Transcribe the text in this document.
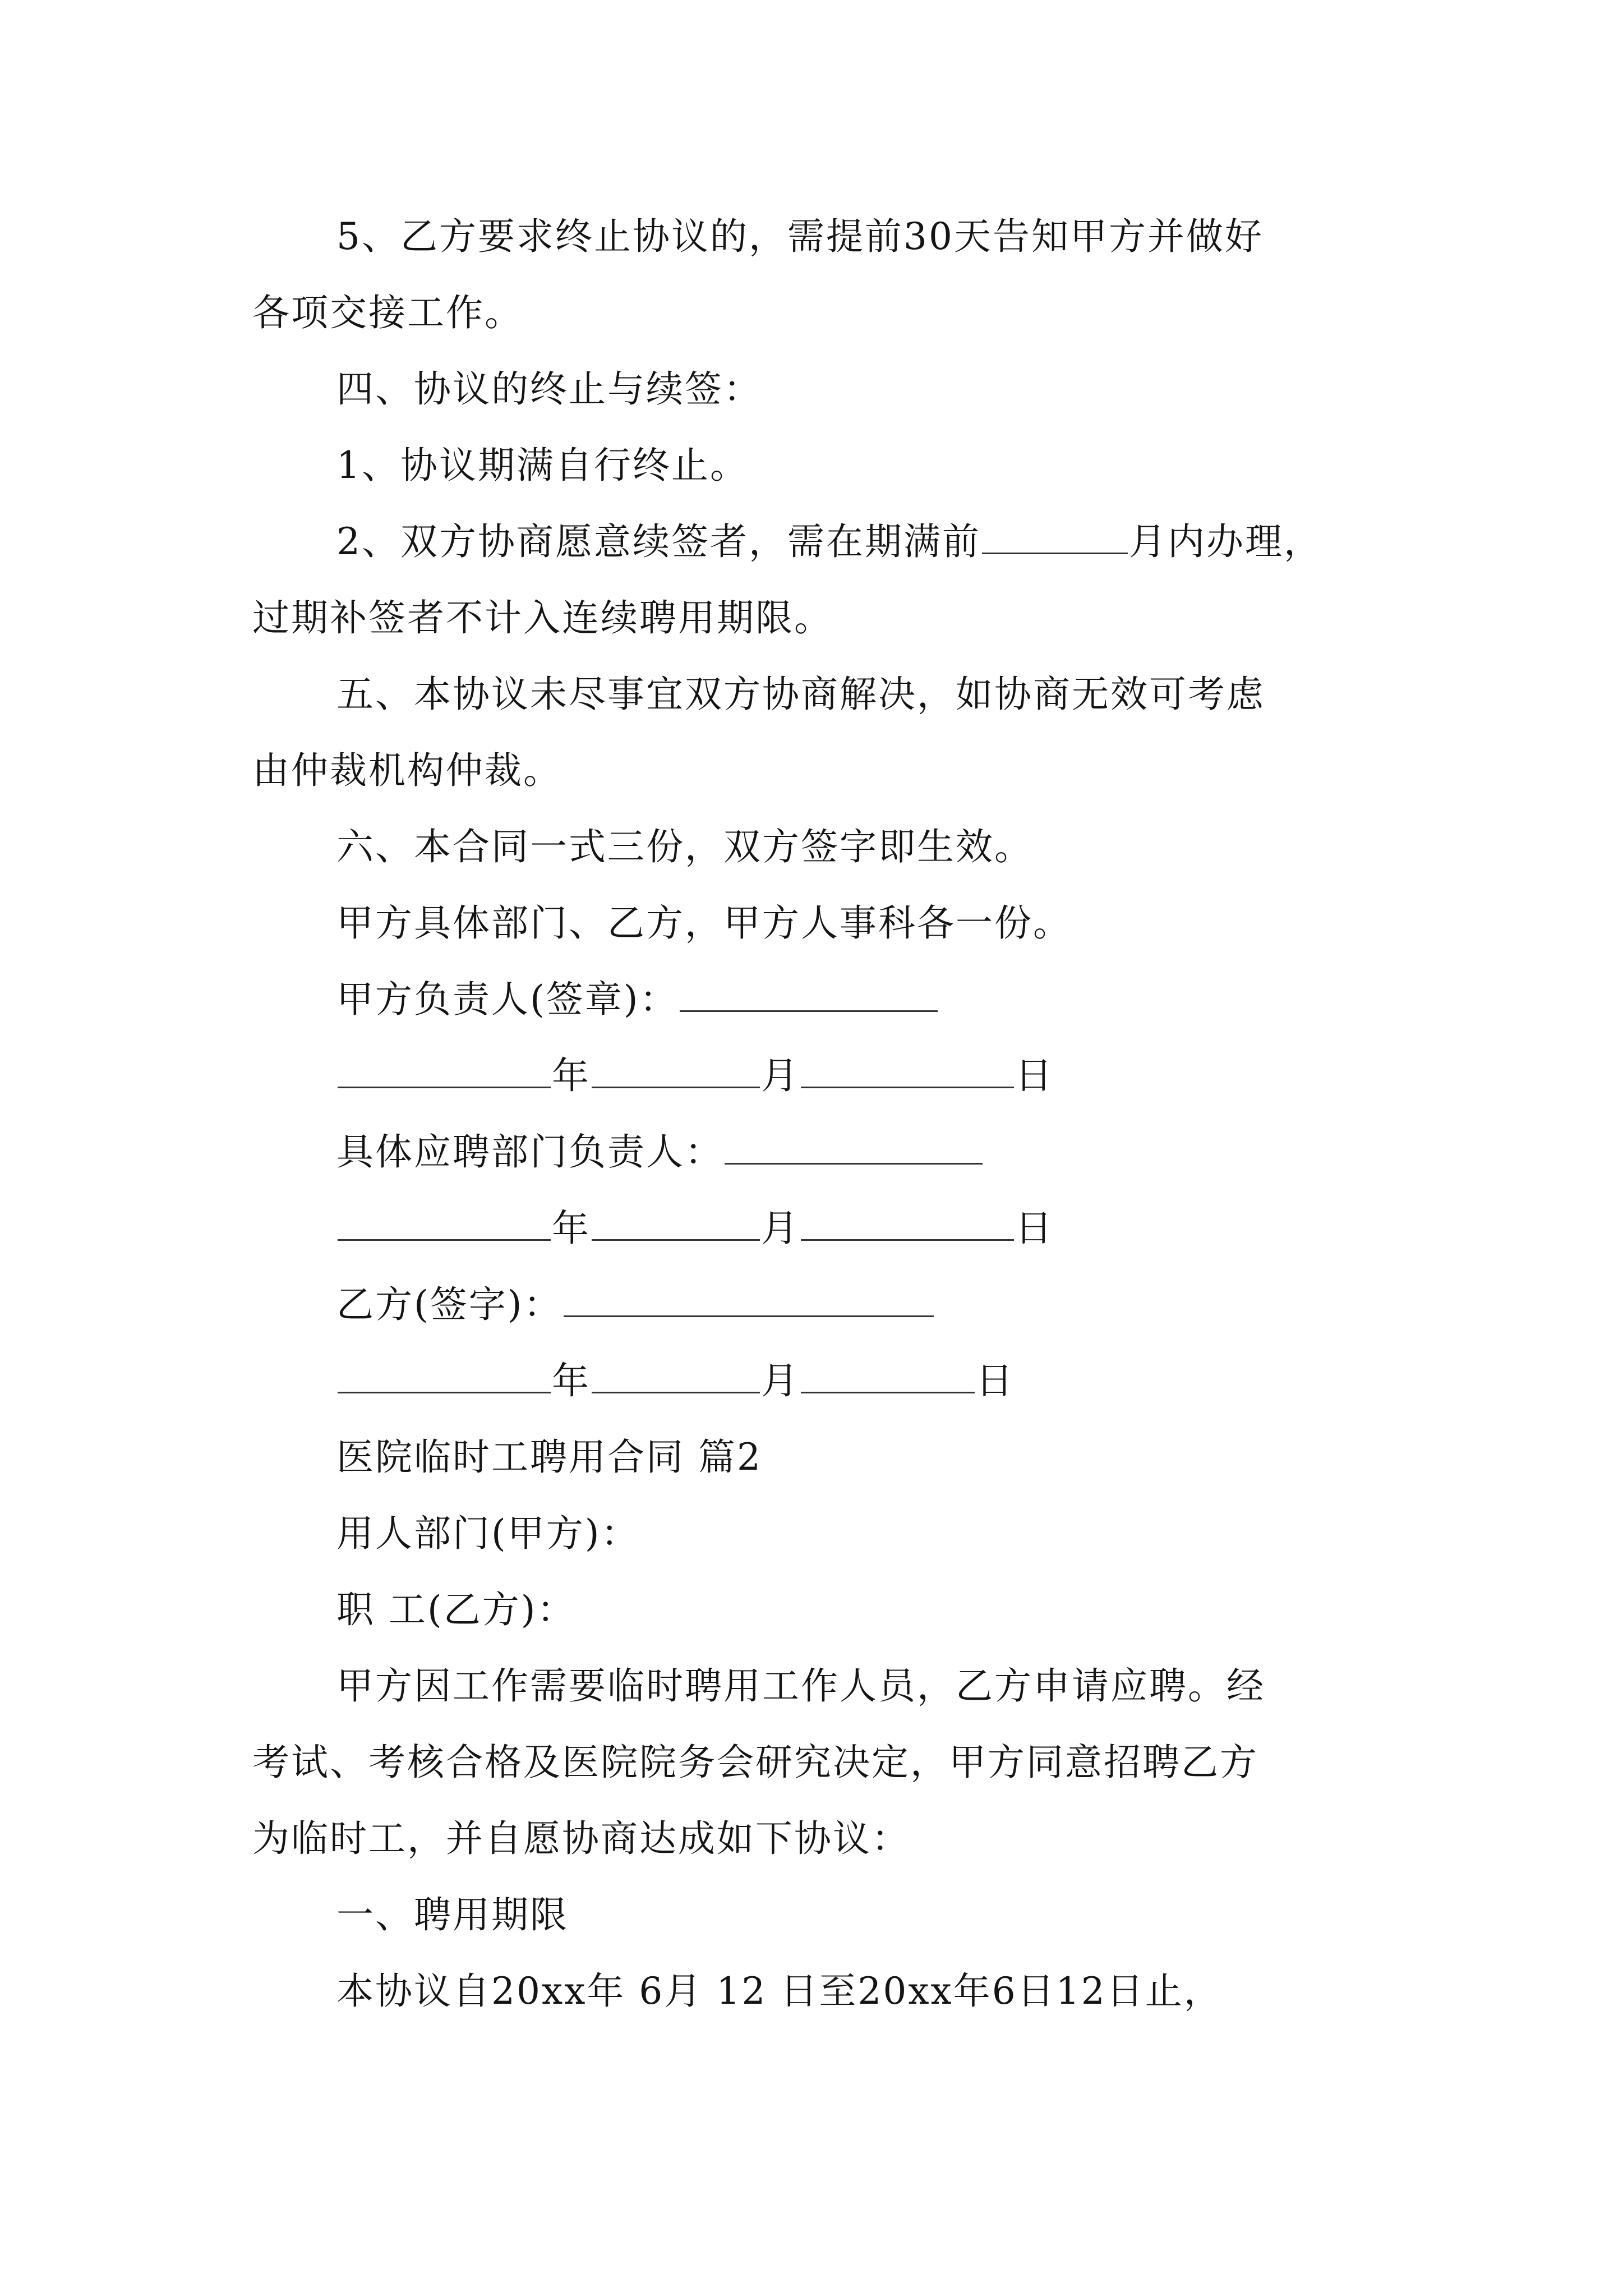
5、乙方要求终止协议的，需提前30天告知甲方并做好
各项交接工作。
四、协议的终止与续签：
1、协议期满自行终止。
2、双方协商愿意续签者，需在期满前	月内办理，
过期补签者不计入连续聘用期限。
五、本协议未尽事宜双方协商解决，如协商无效可考虑
由仲裁机构仲裁。
六、本合同一式三份，双方签字即生效。
甲方具体部门、乙方，甲方人事科各一份。
甲方负责人(签章)：
年	月	日
具体应聘部门负责人：
年	月	日
乙方(签字)：
年	月	日
医院临时工聘用合同 篇2
用人部门(甲方)：
职 工(乙方)：
甲方因工作需要临时聘用工作人员，乙方申请应聘。经
考试、考核合格及医院院务会研究决定，甲方同意招聘乙方
为临时工，并自愿协商达成如下协议：
一、聘用期限
本协议自20xx年 6月 12 日至20xx年6日12日止，
